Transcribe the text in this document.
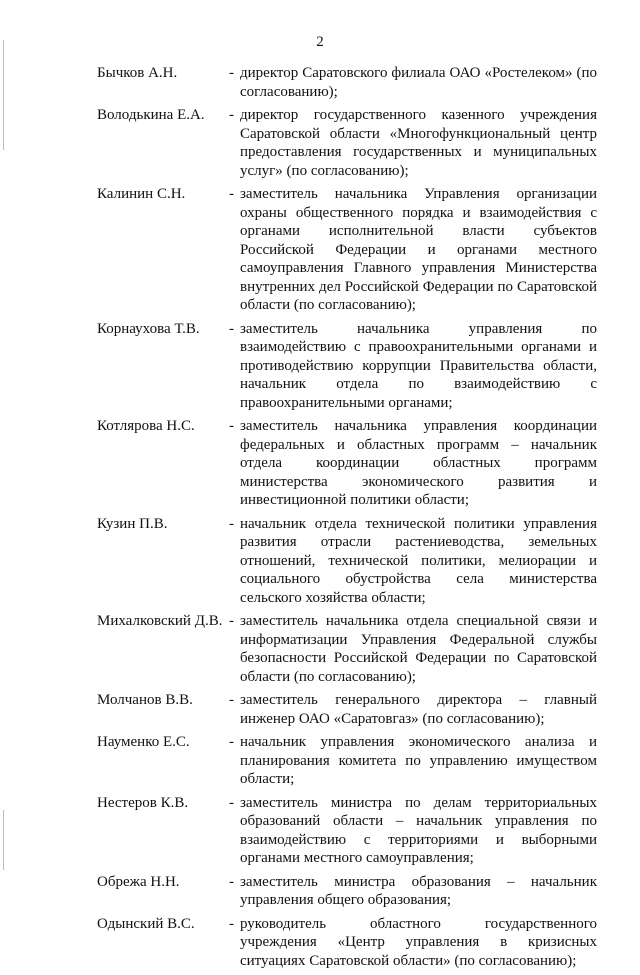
2
Бычков А.Н.	- директор Саратовского филиала ОАО «Ростелеком» (по согласованию);
Володькина Е.А.	- директор государственного казенного учреждения Саратовской области «Многофункциональный центр предоставления государственных и муниципальных услуг» (по согласованию);
Калинин С.Н.	- заместитель начальника Управления организации охраны общественного порядка и взаимодействия с органами исполнительной власти субъектов Российской Федерации и органами местного самоуправления Главного управления Министерства внутренних дел Российской Федерации по Саратовской области (по согласованию);
Корнаухова Т.В.	- заместитель начальника управления по взаимодействию с правоохранительными органами и противодействию коррупции Правительства области, начальник отдела по взаимодействию с правоохранительными органами;
Котлярова Н.С.	- заместитель начальника управления координации федеральных и областных программ – начальник отдела координации областных программ министерства экономического развития и инвестиционной политики области;
Кузин П.В.	- начальник отдела технической политики управления развития отрасли растениеводства, земельных отношений, технической политики, мелиорации и социального обустройства села министерства сельского хозяйства области;
Михалковский Д.В. - заместитель начальника отдела специальной связи и информатизации Управления Федеральной службы безопасности Российской Федерации по Саратовской области (по согласованию);
Молчанов В.В.	- заместитель генерального директора – главный инженер ОАО «Саратовгаз» (по согласованию);
Науменко Е.С.	- начальник управления экономического анализа и планирования комитета по управлению имуществом области;
Нестеров К.В.	- заместитель министра по делам территориальных образований области – начальник управления по взаимодействию с территориями и выборными органами местного самоуправления;
Обрежа Н.Н.	- заместитель министра образования – начальник управления общего образования;
Одынский В.С.	- руководитель областного государственного учреждения «Центр управления в кризисных ситуациях Саратовской области» (по согласованию);
